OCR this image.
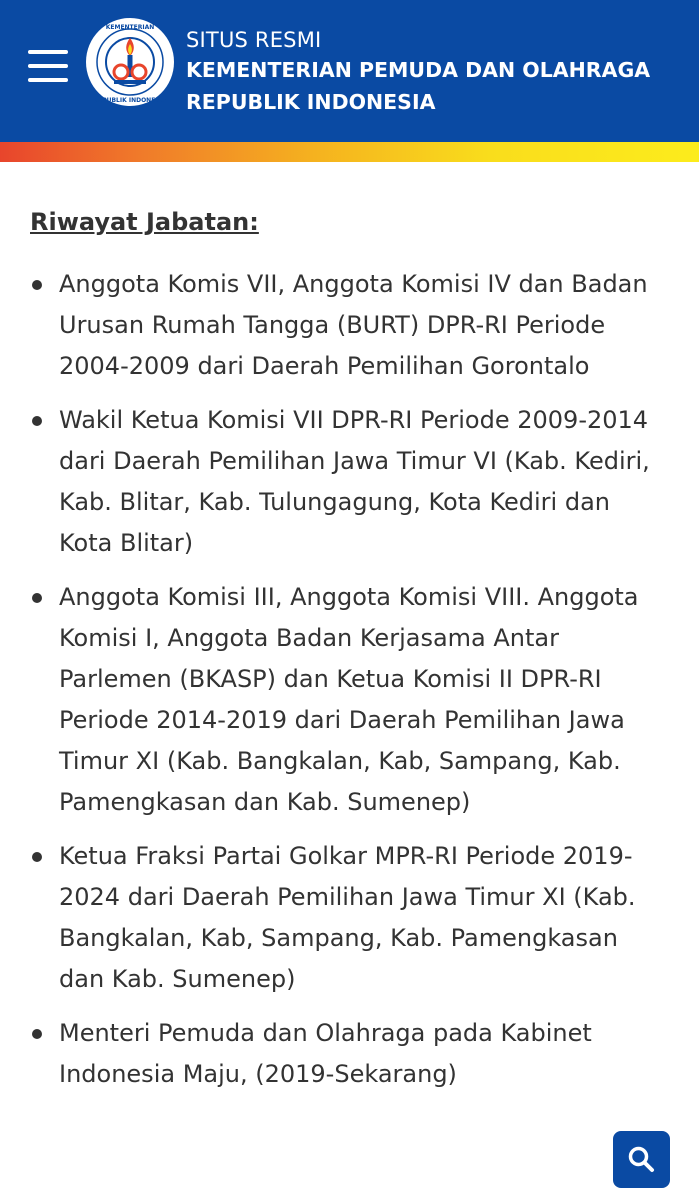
KEMENTERIAN
REPUBLIK INDONESIA
SITUS RESMI
KEMENTERIAN PEMUDA DAN OLAHRAGA
REPUBLIK INDONESIA
Riwayat Jabatan:
Anggota Komis VII, Anggota Komisi IV dan Badan Urusan Rumah Tangga (BURT) DPR-RI Periode 2004-2009 dari Daerah Pemilihan Gorontalo
Wakil Ketua Komisi VII DPR-RI Periode 2009-2014 dari Daerah Pemilihan Jawa Timur VI (Kab. Kediri, Kab. Blitar, Kab. Tulungagung, Kota Kediri dan Kota Blitar)
Anggota Komisi III, Anggota Komisi VIII. Anggota Komisi I, Anggota Badan Kerjasama Antar Parlemen (BKASP) dan Ketua Komisi II DPR-RI Periode 2014-2019 dari Daerah Pemilihan Jawa Timur XI (Kab. Bangkalan, Kab, Sampang, Kab. Pamengkasan dan Kab. Sumenep)
Ketua Fraksi Partai Golkar MPR-RI Periode 2019-2024 dari Daerah Pemilihan Jawa Timur XI (Kab. Bangkalan, Kab, Sampang, Kab. Pamengkasan dan Kab. Sumenep)
Menteri Pemuda dan Olahraga pada Kabinet Indonesia Maju, (2019-Sekarang)
